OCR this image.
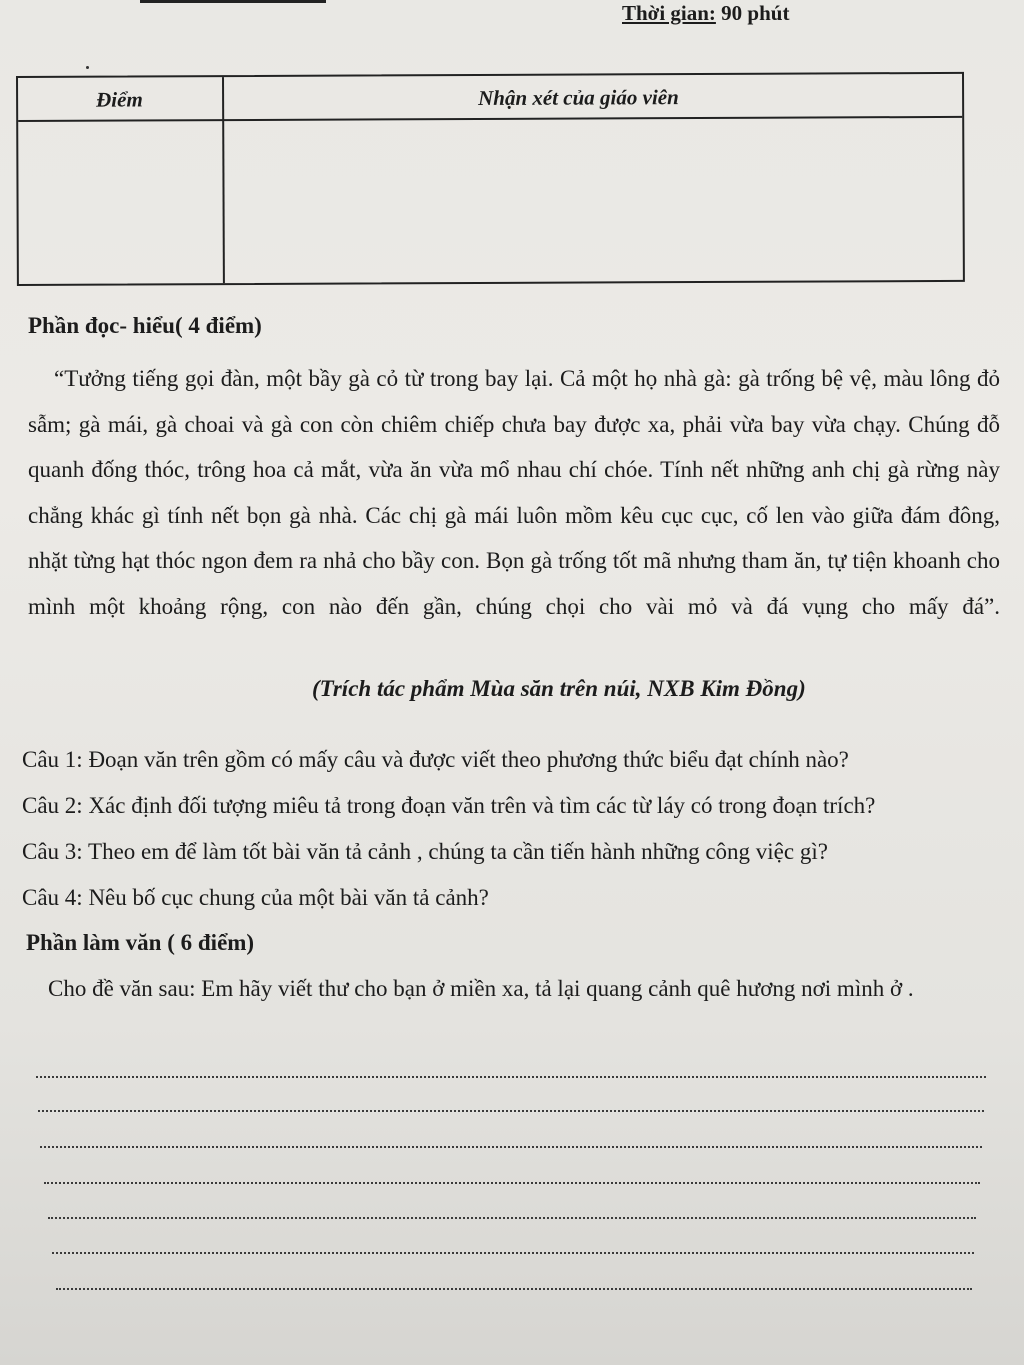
Thời gian: 90 phút
Điểm	Nhận xét của giáo viên
Phần đọc- hiểu( 4 điểm)

“Tưởng tiếng gọi đàn, một bầy gà cỏ từ trong bay lại. Cả một họ nhà gà: gà trống bệ vệ, màu lông đỏ sẫm; gà mái, gà choai và gà con còn chiêm chiếp chưa bay được xa, phải vừa bay vừa chạy. Chúng đỗ quanh đống thóc, trông hoa cả mắt, vừa ăn vừa mổ nhau chí chóe. Tính nết những anh chị gà rừng này chẳng khác gì tính nết bọn gà nhà. Các chị gà mái luôn mồm kêu cục cục, cố len vào giữa đám đông, nhặt từng hạt thóc ngon đem ra nhả cho bầy con. Bọn gà trống tốt mã nhưng tham ăn, tự tiện khoanh cho mình một khoảng rộng, con nào đến gần, chúng chọi cho vài mỏ và đá vụng cho mấy đá”.

(Trích tác phẩm Mùa săn trên núi, NXB Kim Đồng)
Câu 1: Đoạn văn trên gồm có mấy câu và được viết theo phương thức biểu đạt chính nào?
Câu 2: Xác định đối tượng miêu tả trong đoạn văn trên và tìm các từ láy có trong đoạn trích?
Câu 3: Theo em để làm tốt bài văn tả cảnh , chúng ta cần tiến hành những công việc gì?
Câu 4: Nêu bố cục chung của một bài văn tả cảnh?
Phần làm văn ( 6 điểm)

Cho đề văn sau: Em hãy viết thư cho bạn ở miền xa, tả lại quang cảnh quê hương nơi mình ở .
